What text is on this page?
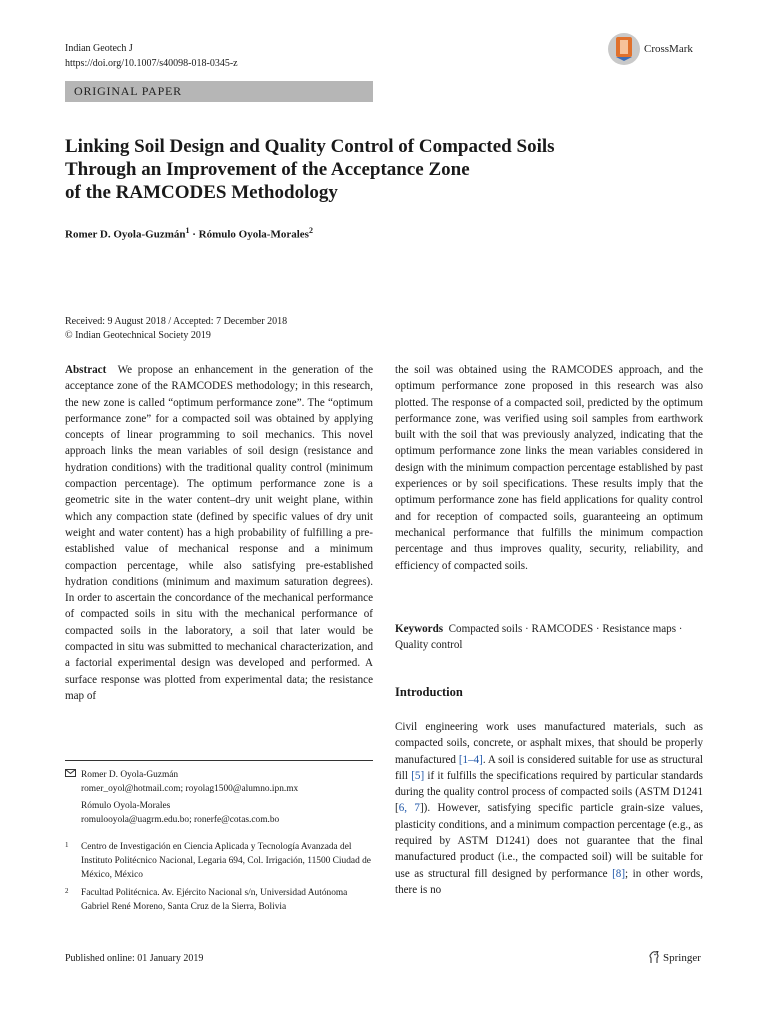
Indian Geotech J
https://doi.org/10.1007/s40098-018-0345-z
CrossMark
ORIGINAL PAPER
Linking Soil Design and Quality Control of Compacted Soils
Through an Improvement of the Acceptance Zone
of the RAMCODES Methodology
Romer D. Oyola-Guzmán$^1$ · Rómulo Oyola-Morales$^2$
Received: 9 August 2018 / Accepted: 7 December 2018
© Indian Geotechnical Society 2019
Abstract We propose an enhancement in the generation of the acceptance zone of the RAMCODES methodology; in this research, the new zone is called “optimum performance zone”. The “optimum performance zone” for a compacted soil was obtained by applying concepts of linear programming to soil mechanics. This novel approach links the mean variables of soil design (resistance and hydration conditions) with the traditional quality control (minimum compaction percentage). The optimum performance zone is a geometric site in the water content–dry unit weight plane, within which any compaction state (defined by specific values of dry unit weight and water content) has a high probability of fulfilling a pre-established value of mechanical response and a minimum compaction percentage, while also satisfying pre-established hydration conditions (minimum and maximum saturation degrees). In order to ascertain the concordance of the mechanical performance of compacted soils in situ with the mechanical performance of compacted soils in the laboratory, a soil that later would be compacted in situ was submitted to mechanical characterization, and a factorial experimental design was developed and performed. A surface response was plotted from experimental data; the resistance map of
the soil was obtained using the RAMCODES approach, and the optimum performance zone proposed in this research was also plotted. The response of a compacted soil, predicted by the optimum performance zone, was verified using soil samples from earthwork built with the soil that was previously analyzed, indicating that the optimum performance zone links the mean variables considered in design with the minimum compaction percentage established by past experiences or by soil specifications. These results imply that the optimum performance zone has field applications for quality control and for reception of compacted soils, guaranteeing an optimum mechanical performance that fulfills the minimum compaction percentage and thus improves quality, security, reliability, and efficiency of compacted soils.
Keywords Compacted soils · RAMCODES · Resistance maps · Quality control
Introduction
Civil engineering work uses manufactured materials, such as compacted soils, concrete, or asphalt mixes, that should be properly manufactured [1–4]. A soil is considered suitable for use as structural fill [5] if it fulfills the specifications required by particular standards during the quality control process of compacted soils (ASTM D1241 [6, 7]). However, satisfying specific particle grain-size values, plasticity conditions, and a minimum compaction percentage (e.g., as required by ASTM D1241) does not guarantee that the final manufactured product (i.e., the compacted soil) will be suitable for use as structural fill designed by performance [8]; in other words, there is no
Romer D. Oyola-Guzmán
romer_oyol@hotmail.com; royolag1500@alumno.ipn.mx
Rómulo Oyola-Morales
romulooyola@uagrm.edu.bo; ronerfe@cotas.com.bo
1	Centro de Investigación en Ciencia Aplicada y Tecnología Avanzada del Instituto Politécnico Nacional, Legaria 694, Col. Irrigación, 11500 Ciudad de México, México
2	Facultad Politécnica. Av. Ejército Nacional s/n, Universidad Autónoma Gabriel René Moreno, Santa Cruz de la Sierra, Bolivia
Published online: 01 January 2019	Springer
